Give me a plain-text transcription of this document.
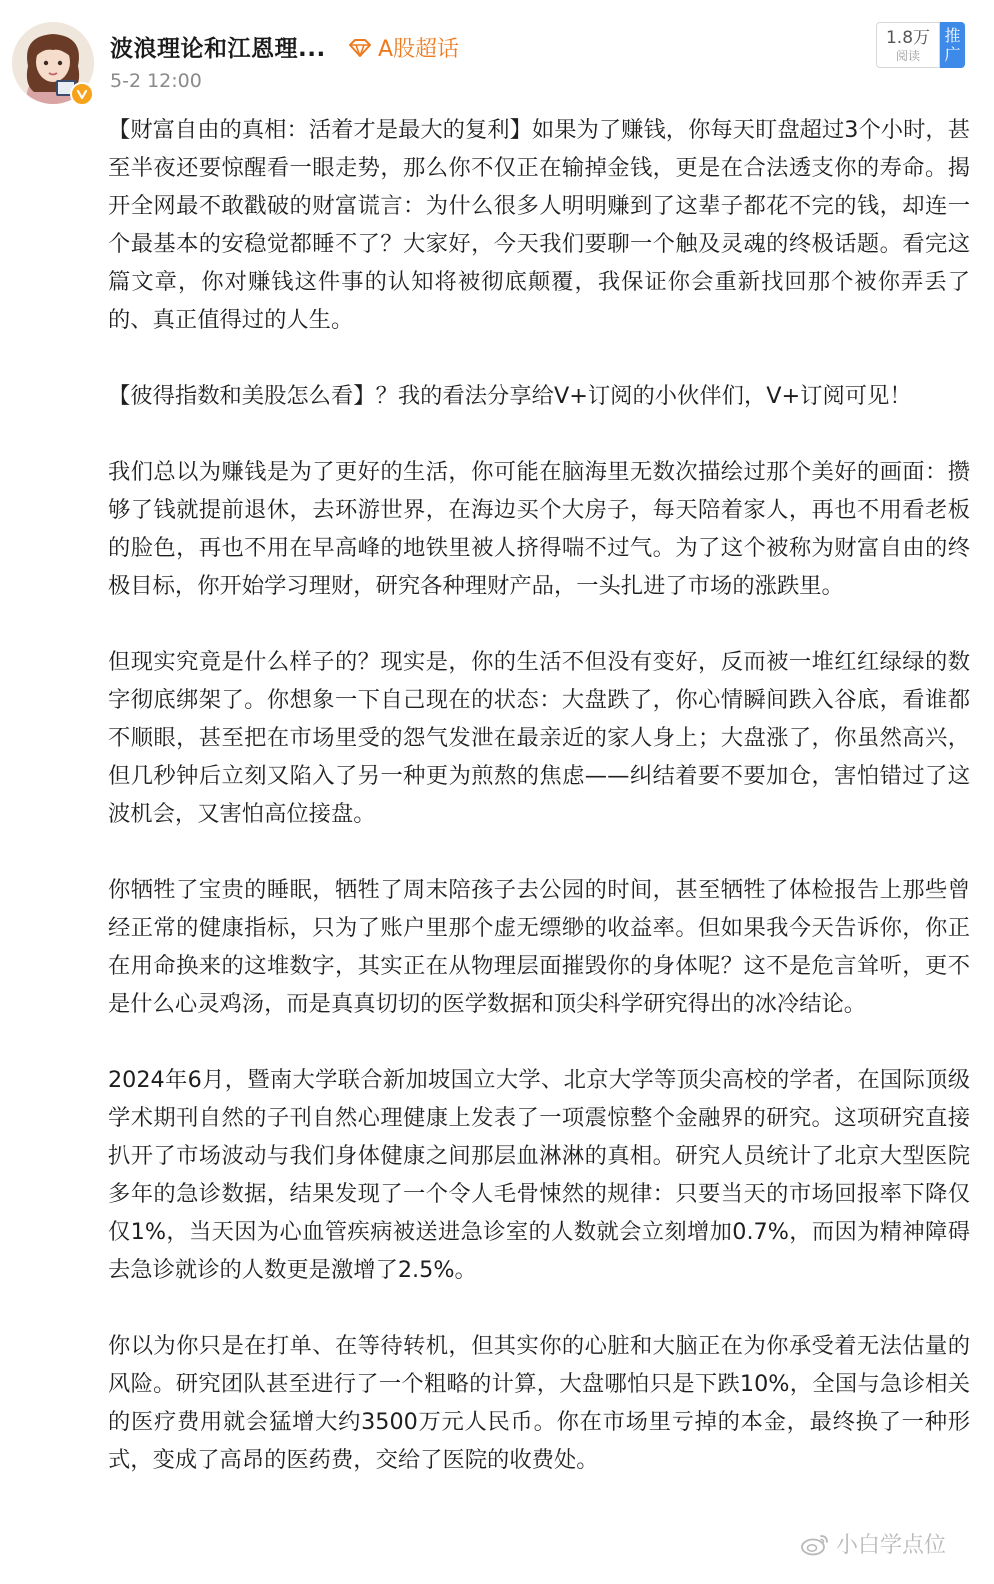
波浪理论和江恩理... A股超话
5-2 12:00
1.8万
阅读
推广

【财富自由的真相：活着才是最大的复利】如果为了赚钱，你每天盯盘超过3个小时，甚至半夜还要惊醒看一眼走势，那么你不仅正在输掉金钱，更是在合法透支你的寿命。揭开全网最不敢戳破的财富谎言：为什么很多人明明赚到了这辈子都花不完的钱，却连一个最基本的安稳觉都睡不了？大家好，今天我们要聊一个触及灵魂的终极话题。看完这篇文章，你对赚钱这件事的认知将被彻底颠覆，我保证你会重新找回那个被你弄丢了的、真正值得过的人生。

【彼得指数和美股怎么看】？我的看法分享给V+订阅的小伙伴们，V+订阅可见！

我们总以为赚钱是为了更好的生活，你可能在脑海里无数次描绘过那个美好的画面：攒够了钱就提前退休，去环游世界，在海边买个大房子，每天陪着家人，再也不用看老板的脸色，再也不用在早高峰的地铁里被人挤得喘不过气。为了这个被称为财富自由的终极目标，你开始学习理财，研究各种理财产品，一头扎进了市场的涨跌里。

但现实究竟是什么样子的？现实是，你的生活不但没有变好，反而被一堆红红绿绿的数字彻底绑架了。你想象一下自己现在的状态：大盘跌了，你心情瞬间跌入谷底，看谁都不顺眼，甚至把在市场里受的怨气发泄在最亲近的家人身上；大盘涨了，你虽然高兴，但几秒钟后立刻又陷入了另一种更为煎熬的焦虑——纠结着要不要加仓，害怕错过了这波机会，又害怕高位接盘。

你牺牲了宝贵的睡眠，牺牲了周末陪孩子去公园的时间，甚至牺牲了体检报告上那些曾经正常的健康指标，只为了账户里那个虚无缥缈的收益率。但如果我今天告诉你，你正在用命换来的这堆数字，其实正在从物理层面摧毁你的身体呢？这不是危言耸听，更不是什么心灵鸡汤，而是真真切切的医学数据和顶尖科学研究得出的冰冷结论。

2024年6月，暨南大学联合新加坡国立大学、北京大学等顶尖高校的学者，在国际顶级学术期刊自然的子刊自然心理健康上发表了一项震惊整个金融界的研究。这项研究直接扒开了市场波动与我们身体健康之间那层血淋淋的真相。研究人员统计了北京大型医院多年的急诊数据，结果发现了一个令人毛骨悚然的规律：只要当天的市场回报率下降仅仅1%，当天因为心血管疾病被送进急诊室的人数就会立刻增加0.7%，而因为精神障碍去急诊就诊的人数更是激增了2.5%。

你以为你只是在打单、在等待转机，但其实你的心脏和大脑正在为你承受着无法估量的风险。研究团队甚至进行了一个粗略的计算，大盘哪怕只是下跌10%，全国与急诊相关的医疗费用就会猛增大约3500万元人民币。你在市场里亏掉的本金，最终换了一种形式，变成了高昂的医药费，交给了医院的收费处。

小白学点位
